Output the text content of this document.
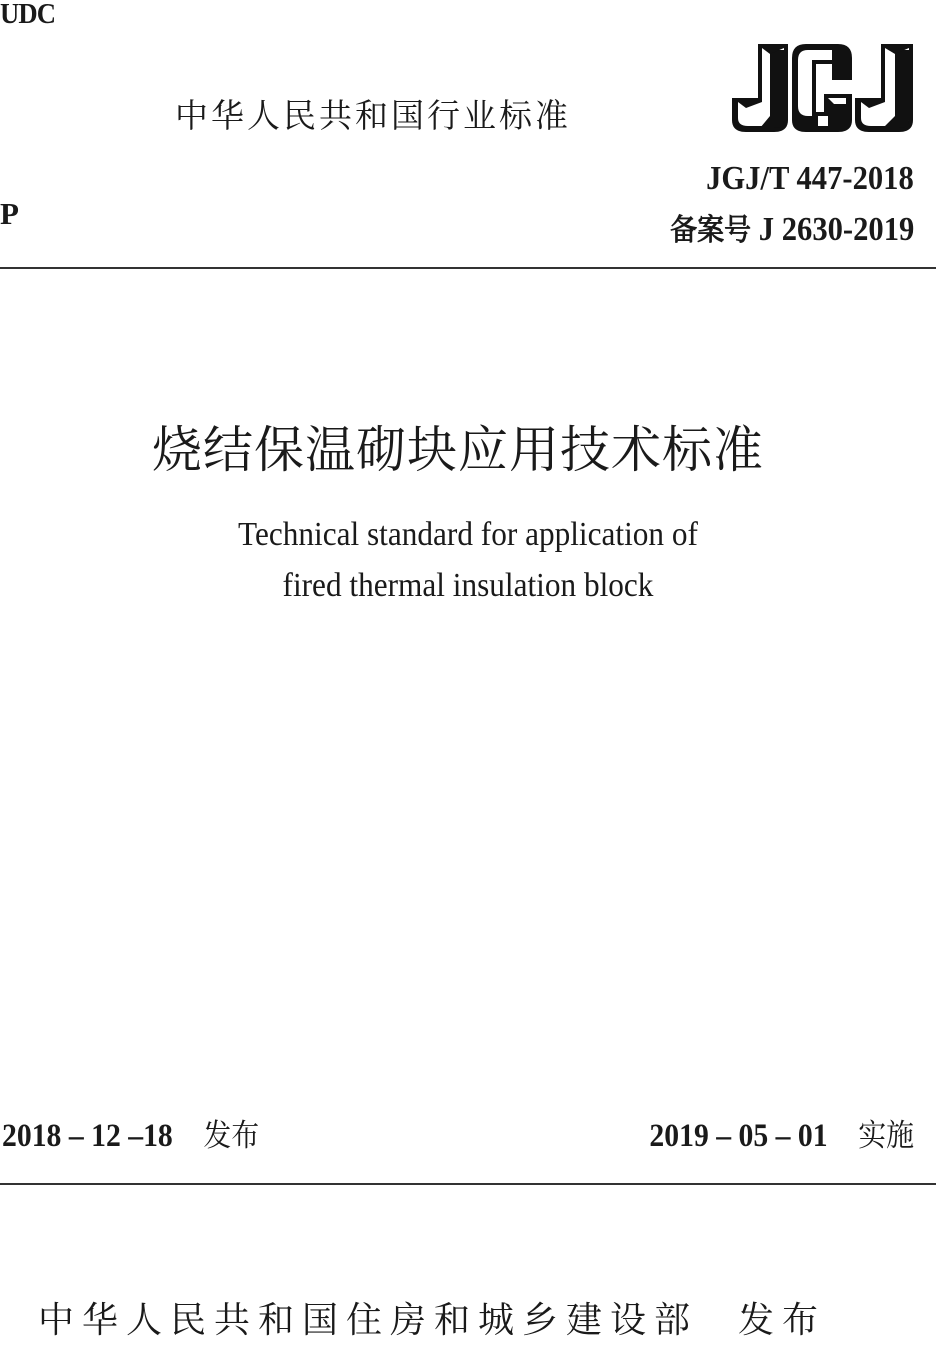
UDC
中华人民共和国行业标准
JGJ/T 447-2018
P	备案号 J 2630-2019
烧结保温砌块应用技术标准
Technical standard for application of
fired thermal insulation block
2018 – 12 –18 发布	2019 – 05 – 01 实施
中华人民共和国住房和城乡建设部 发布
